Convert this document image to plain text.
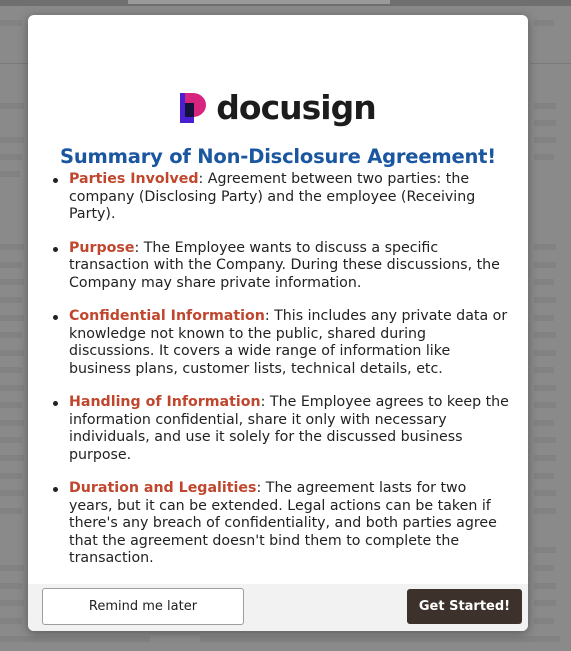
docusign
Summary of Non-Disclosure Agreement!
Parties Involved: Agreement between two parties: the company (Disclosing Party) and the employee (Receiving Party).
Purpose: The Employee wants to discuss a specific transaction with the Company. During these discussions, the Company may share private information.
Confidential Information: This includes any private data or knowledge not known to the public, shared during discussions. It covers a wide range of information like business plans, customer lists, technical details, etc.
Handling of Information: The Employee agrees to keep the information confidential, share it only with necessary individuals, and use it solely for the discussed business purpose.
Duration and Legalities: The agreement lasts for two years, but it can be extended. Legal actions can be taken if there's any breach of confidentiality, and both parties agree that the agreement doesn't bind them to complete the transaction.
Remind me later	Get Started!
